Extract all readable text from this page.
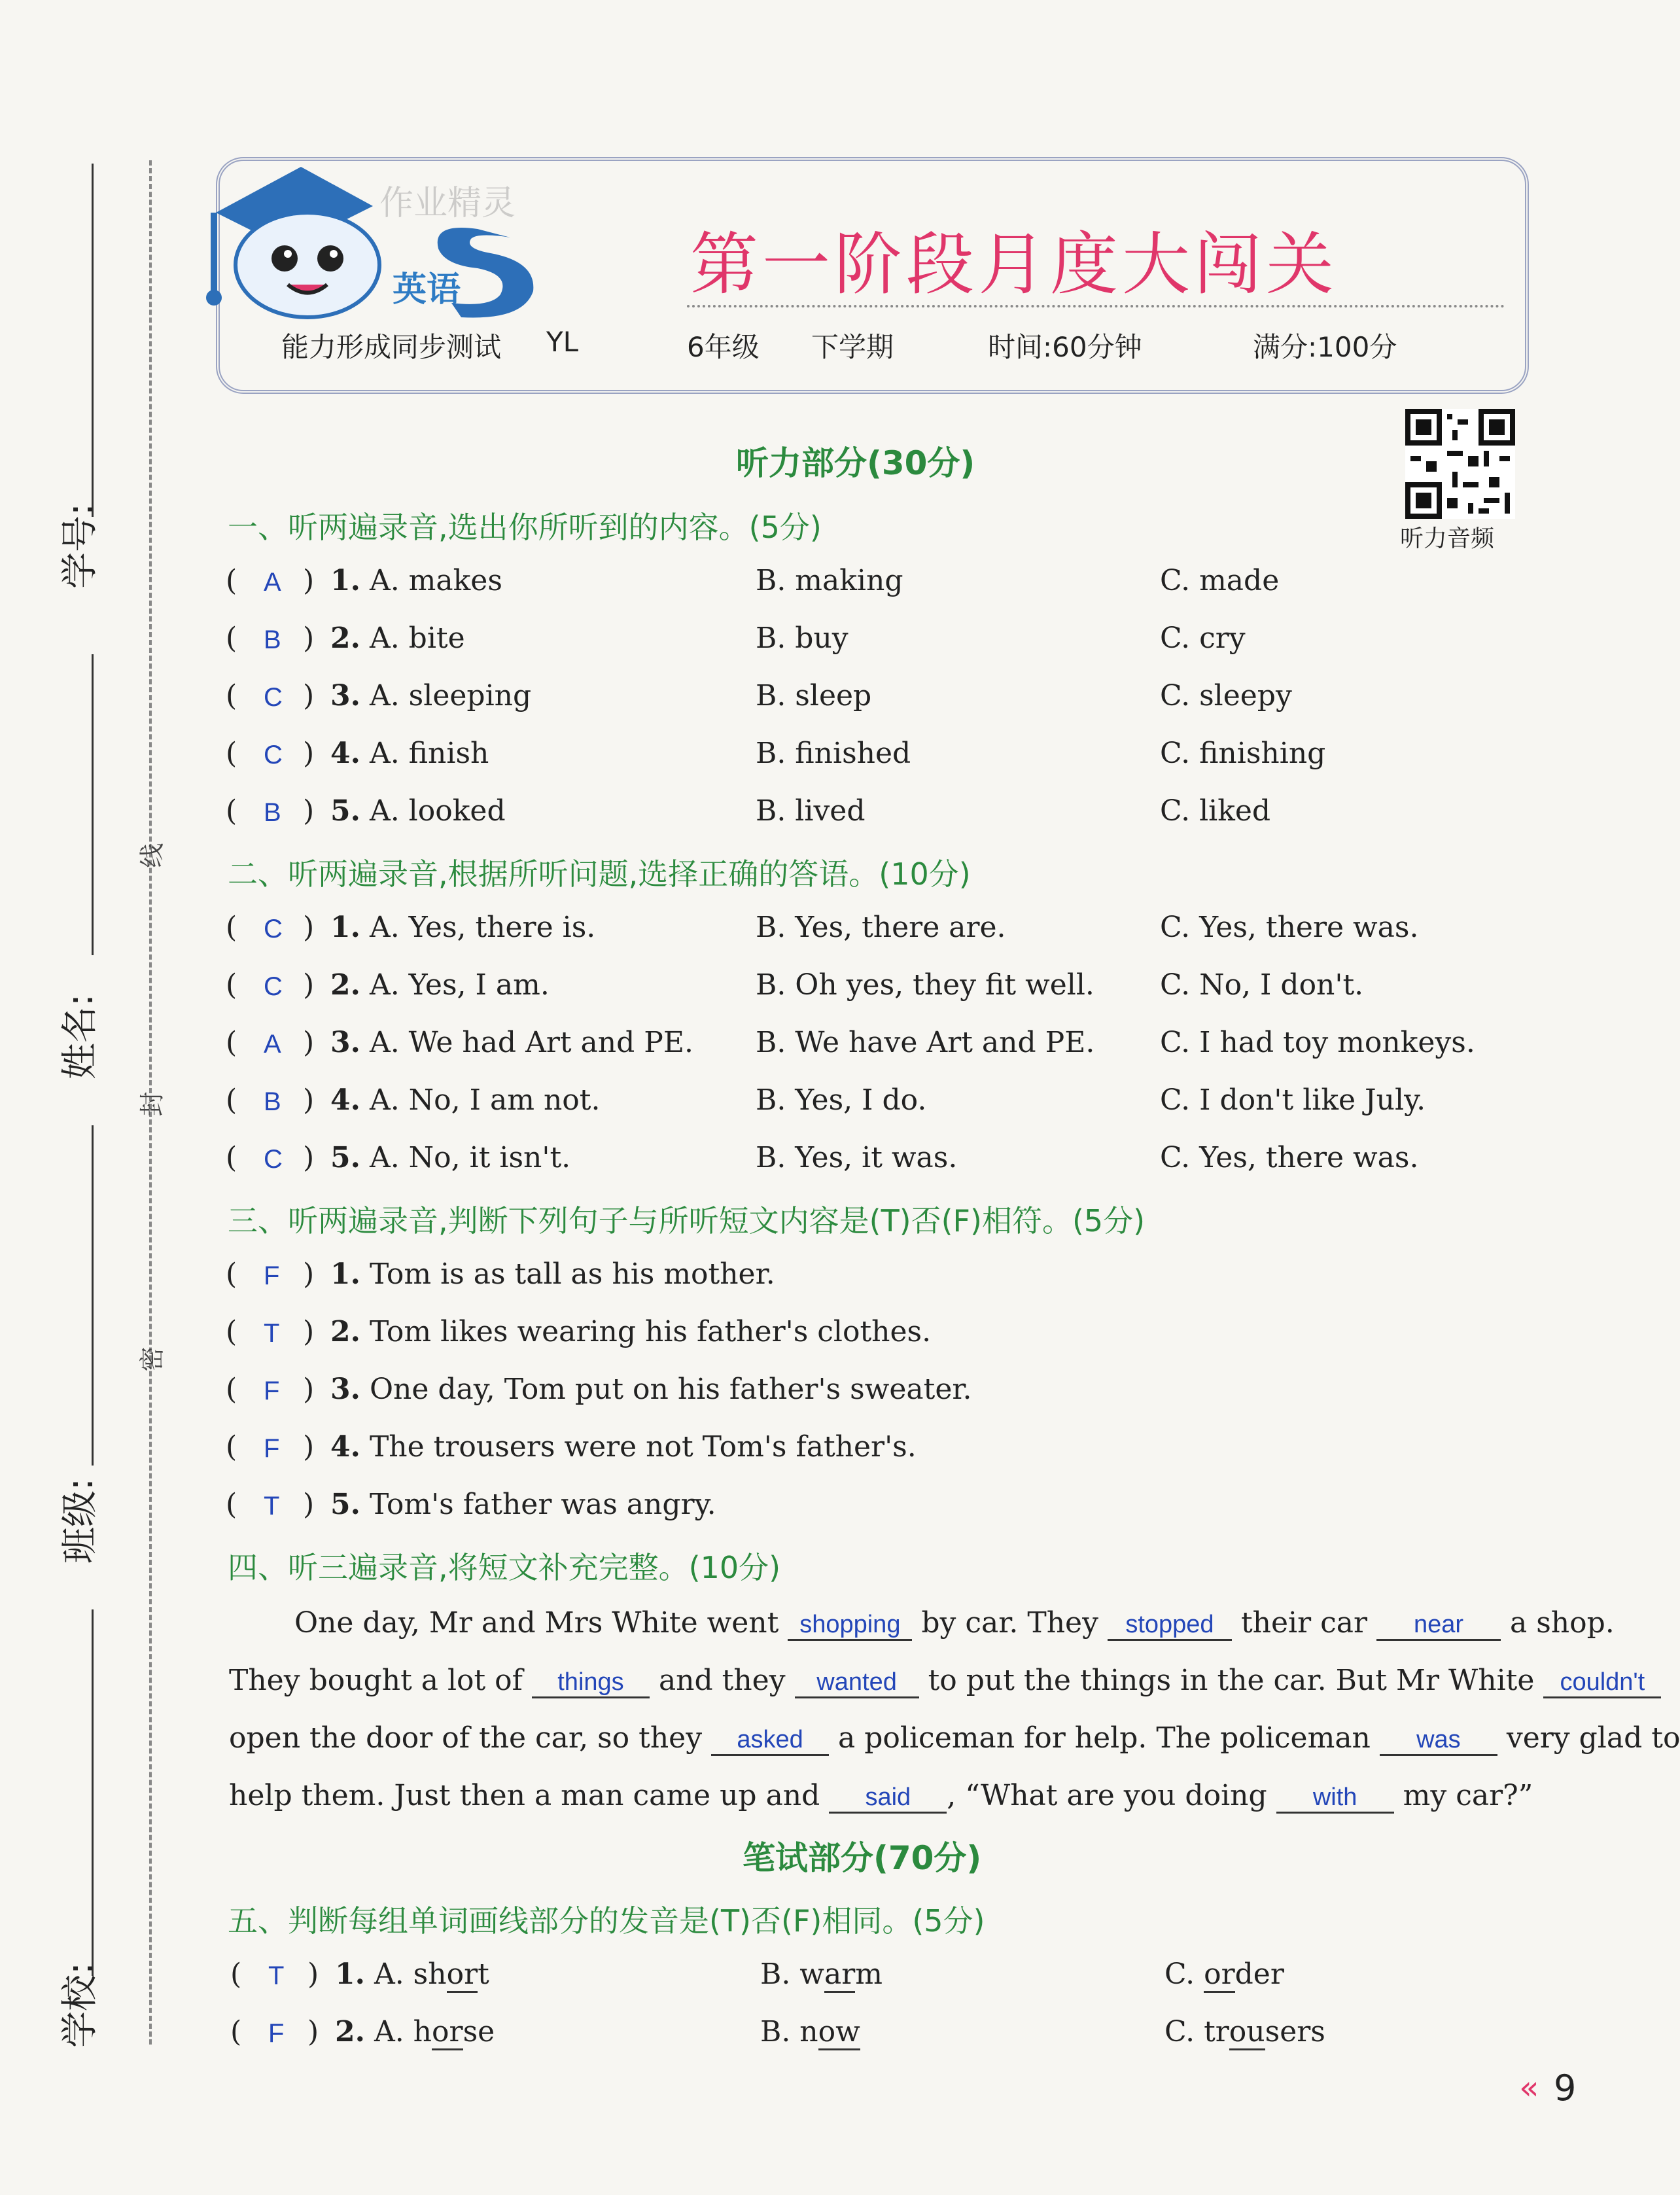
学号:
姓名:
班级:
学校:
线
封
密
英语
作业精灵
第一阶段月度大闯关
能力形成同步测试 YL	6年级 下学期	时间:60分钟	满分:100分
听力音频
听力部分(30分)
一、听两遍录音,选出你所听到的内容。(5分)
( A ) 1. A. makes	B. making	C. made
( B ) 2. A. bite	B. buy	C. cry
( C ) 3. A. sleeping	B. sleep	C. sleepy
( C ) 4. A. finish	B. finished	C. finishing
( B ) 5. A. looked	B. lived	C. liked
二、听两遍录音,根据所听问题,选择正确的答语。(10分)
( C ) 1. A. Yes, there is.	B. Yes, there are.	C. Yes, there was.
( C ) 2. A. Yes, I am.	B. Oh yes, they fit well. C. No, I don't.
( A ) 3. A. We had Art and PE. B. We have Art and PE. C. I had toy monkeys.
( B ) 4. A. No, I am not.	B. Yes, I do.	C. I don't like July.
( C ) 5. A. No, it isn't.	B. Yes, it was.	C. Yes, there was.
三、听两遍录音,判断下列句子与所听短文内容是(T)否(F)相符。(5分)
( F ) 1. Tom is as tall as his mother.
( T ) 2. Tom likes wearing his father's clothes.
( F ) 3. One day, Tom put on his father's sweater.
( F ) 4. The trousers were not Tom's father's.
( T ) 5. Tom's father was angry.
四、听三遍录音,将短文补充完整。(10分)
One day, Mr and Mrs White went shopping by car. They stopped their car near a shop.
They bought a lot of things and they wanted to put the things in the car. But Mr White couldn't
open the door of the car, so they asked a policeman for help. The policeman was very glad to
help them. Just then a man came up and said , “What are you doing with my car?”
笔试部分(70分)
五、判断每组单词画线部分的发音是(T)否(F)相同。(5分)
( T ) 1. A. short	B. warm	C. order
( F ) 2. A. horse	B. now	C. trousers
« 9
